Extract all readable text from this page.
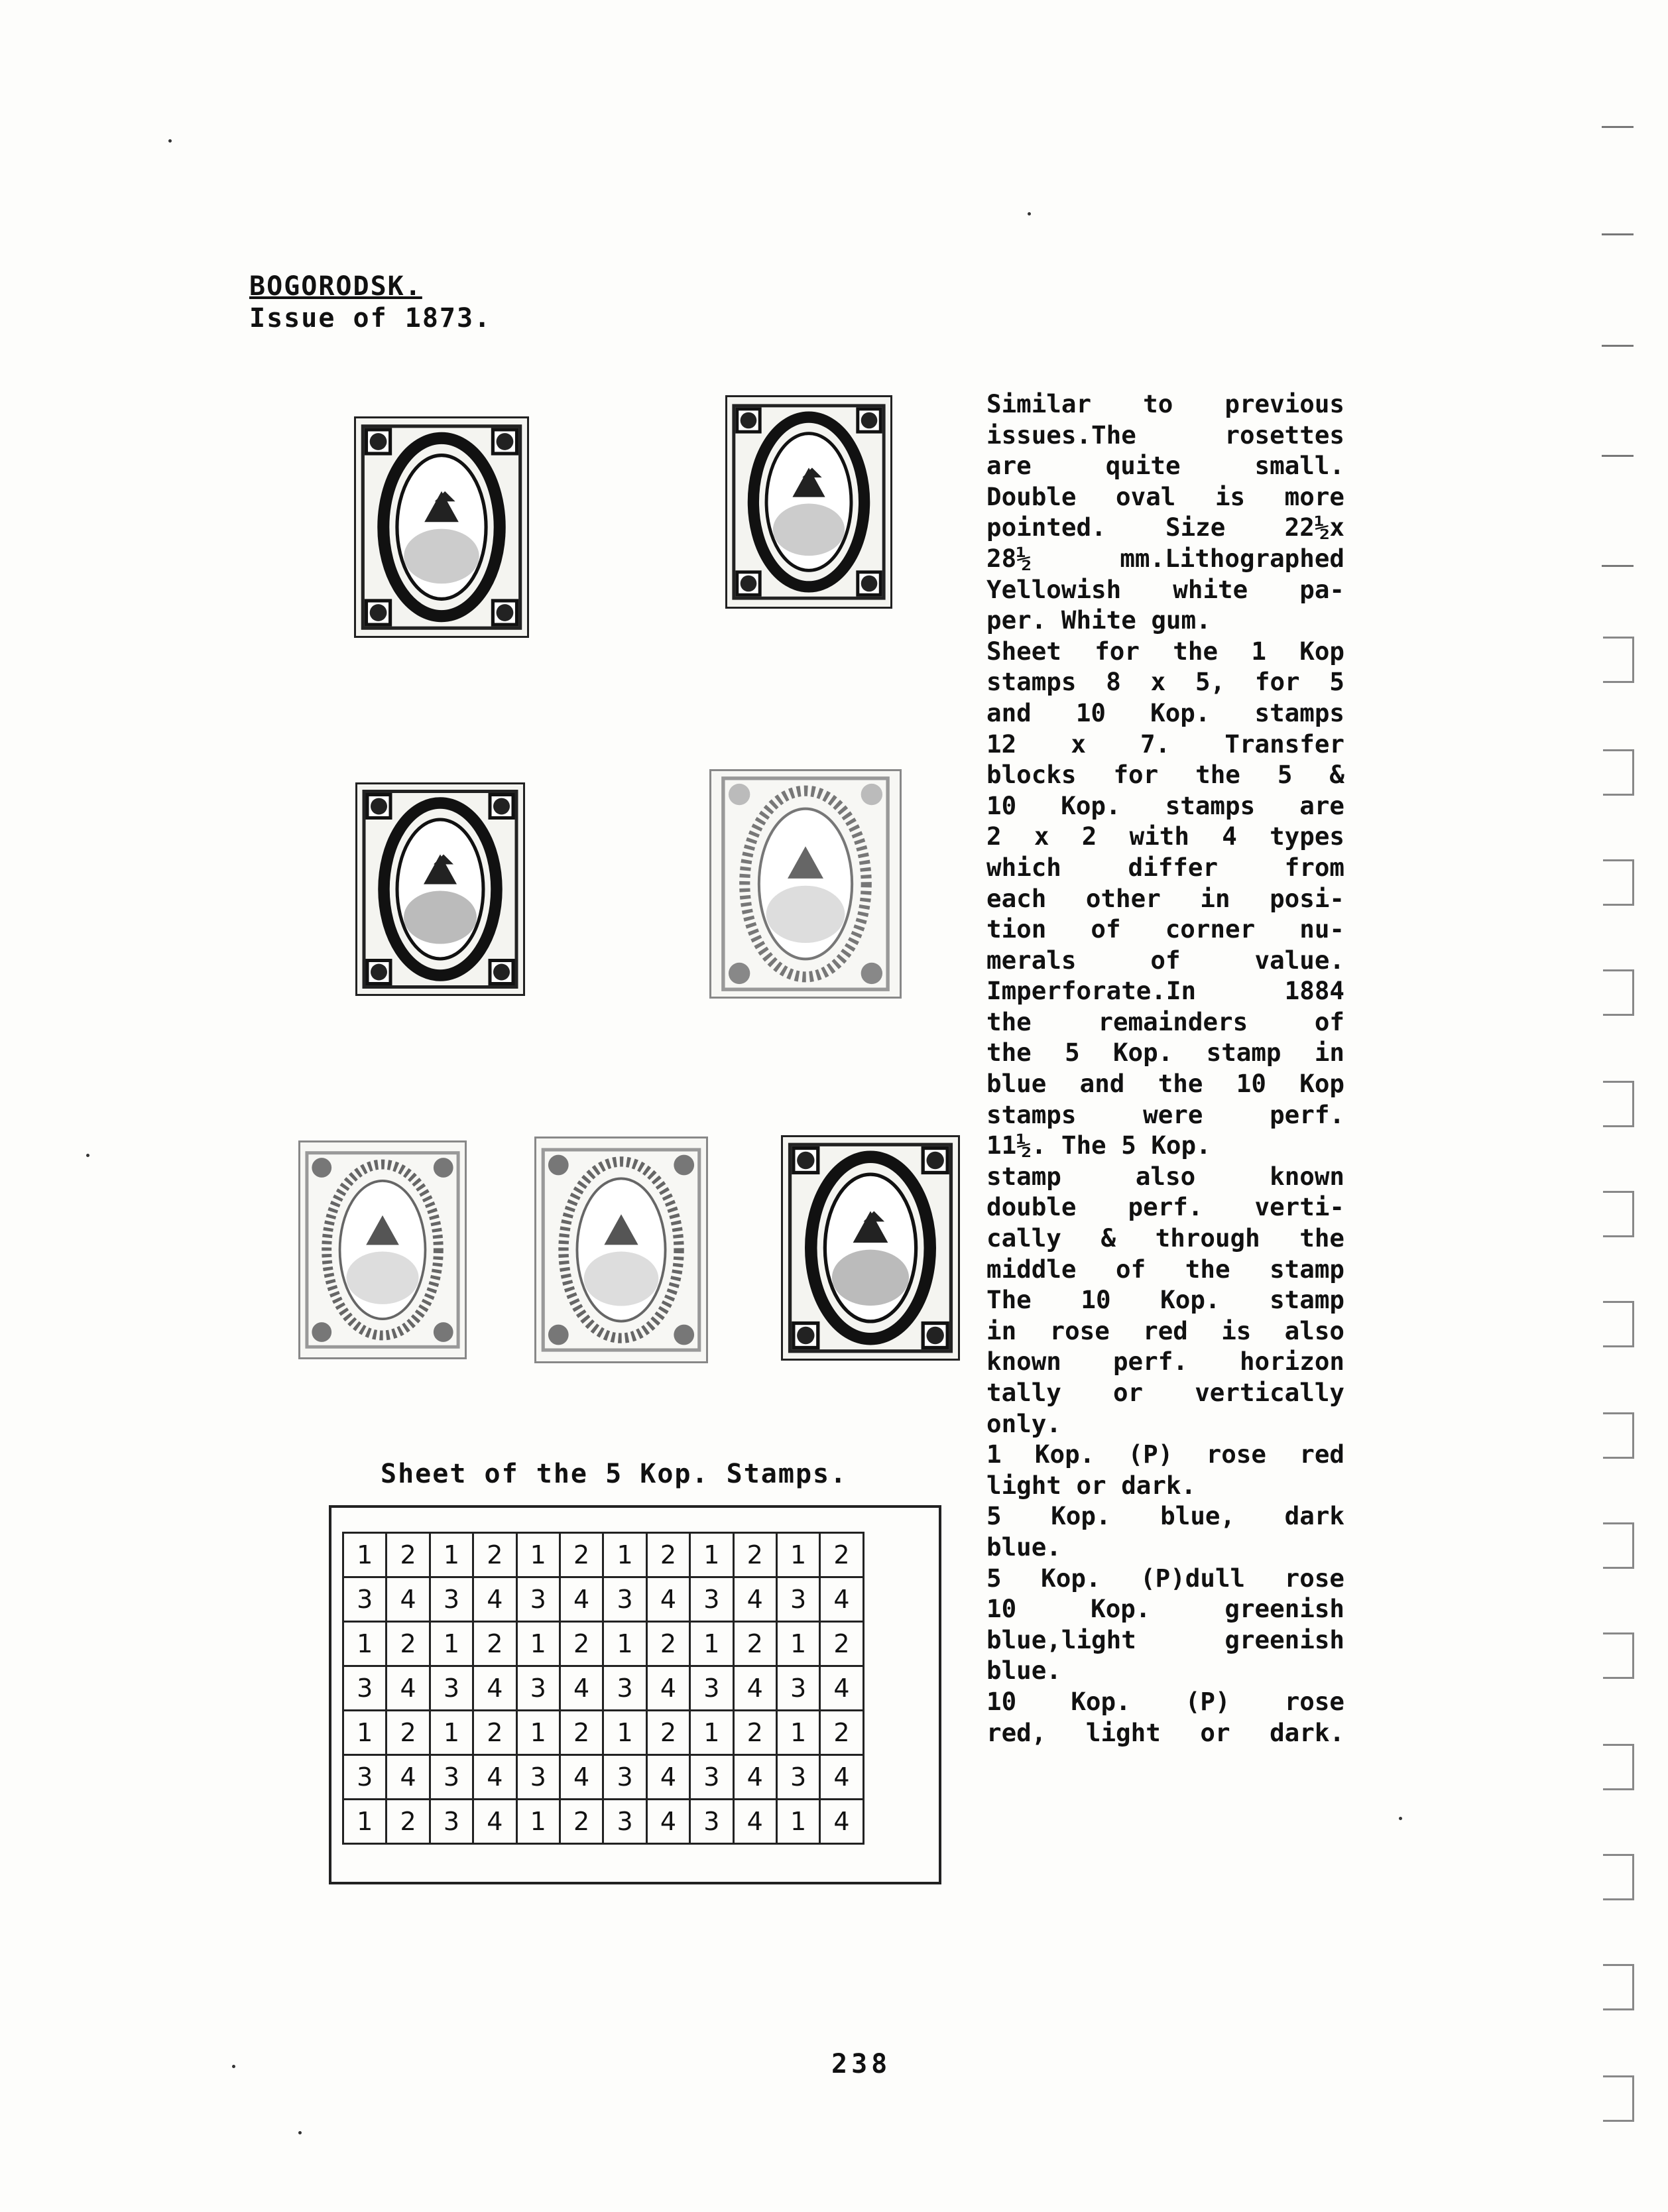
BOGORODSK.
Issue of 1873.
Similar to previous
issues.The rosettes
are quite small.
Double oval is more
pointed. Size 22½x
28½ mm.Lithographed
Yellowish white pa-
per. White gum.
Sheet for the 1 Kop
stamps 8 x 5, for 5
and 10 Kop. stamps
12 x 7. Transfer
blocks for the 5 &
10 Kop. stamps are
2 x 2 with 4 types
which differ from
each other in posi-
tion of corner nu-
merals of value.
Imperforate.In 1884
the remainders of
the 5 Kop. stamp in
blue and the 10 Kop
stamps were perf.
11½. The 5 Kop.
stamp also known
double perf. verti-
cally & through the
middle of the stamp
The 10 Kop. stamp
in rose red is also
known perf. horizon
tally or vertically
only.
1 Kop. (P) rose red
light or dark.
5 Kop. blue, dark
blue.
5 Kop. (P)dull rose
10 Kop. greenish
blue,light greenish
blue.
10 Kop. (P) rose
red, light or dark.
Sheet of the 5 Kop. Stamps.
1	2	1	2	1	2	1	2	1	2	1	2
3	4	3	4	3	4	3	4	3	4	3	4
1	2	1	2	1	2	1	2	1	2	1	2
3	4	3	4	3	4	3	4	3	4	3	4
1	2	1	2	1	2	1	2	1	2	1	2
3	4	3	4	3	4	3	4	3	4	3	4
1	2	3	4	1	2	3	4	3	4	1	4
238
